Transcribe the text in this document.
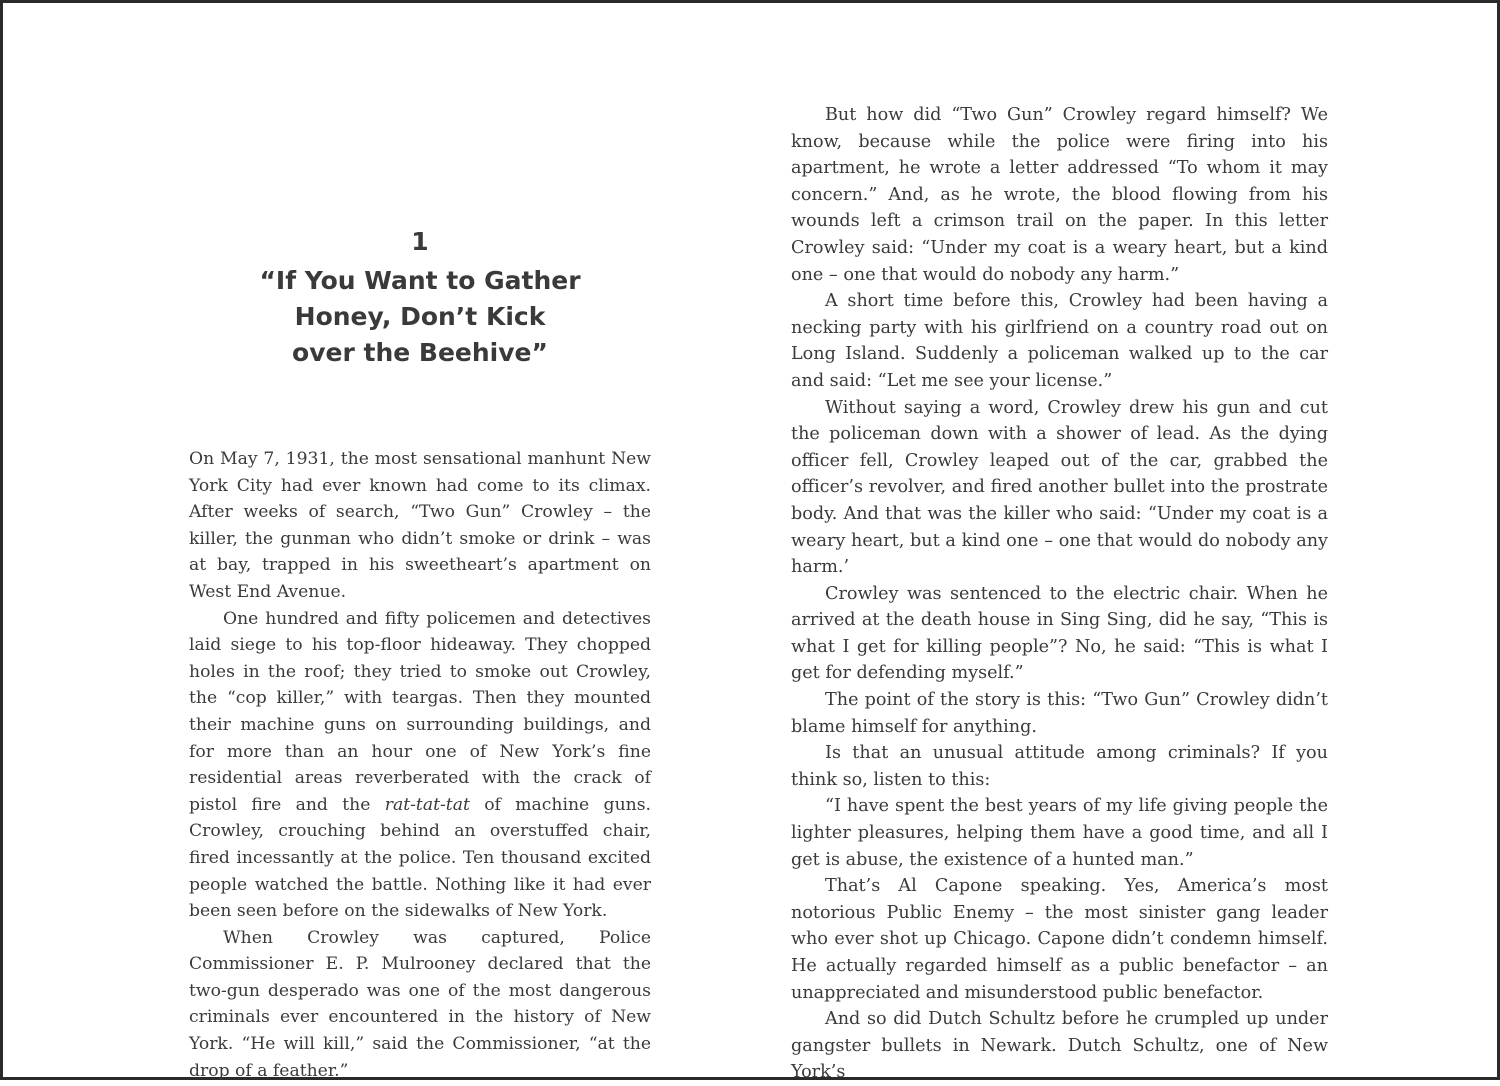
1
“If You Want to Gather
Honey, Don’t Kick
over the Beehive”

On May 7, 1931, the most sensational manhunt New York City had ever known had come to its climax. After weeks of search, “Two Gun” Crowley – the killer, the gunman who didn’t smoke or drink – was at bay, trapped in his sweetheart’s apartment on West End Avenue.

One hundred and fifty policemen and detectives laid siege to his top-floor hideaway. They chopped holes in the roof; they tried to smoke out Crowley, the “cop killer,” with teargas. Then they mounted their machine guns on surrounding buildings, and for more than an hour one of New York’s fine residential areas reverberated with the crack of pistol fire and the rat-tat-tat of machine guns. Crowley, crouching behind an overstuffed chair, fired incessantly at the police. Ten thousand excited people watched the battle. Nothing like it had ever been seen before on the sidewalks of New York.

When Crowley was captured, Police Commissioner E. P. Mulrooney declared that the two-gun desperado was one of the most dangerous criminals ever encountered in the history of New York. “He will kill,” said the Commissioner, “at the drop of a feather.”

But how did “Two Gun” Crowley regard himself? We know, because while the police were firing into his apartment, he wrote a letter addressed “To whom it may concern.” And, as he wrote, the blood flowing from his wounds left a crimson trail on the paper. In this letter Crowley said: “Under my coat is a weary heart, but a kind one – one that would do nobody any harm.”

A short time before this, Crowley had been having a necking party with his girlfriend on a country road out on Long Island. Suddenly a policeman walked up to the car and said: “Let me see your license.”

Without saying a word, Crowley drew his gun and cut the policeman down with a shower of lead. As the dying officer fell, Crowley leaped out of the car, grabbed the officer’s revolver, and fired another bullet into the prostrate body. And that was the killer who said: “Under my coat is a weary heart, but a kind one – one that would do nobody any harm.’

Crowley was sentenced to the electric chair. When he arrived at the death house in Sing Sing, did he say, “This is what I get for killing people”? No, he said: “This is what I get for defending myself.”

The point of the story is this: “Two Gun” Crowley didn’t blame himself for anything.

Is that an unusual attitude among criminals? If you think so, listen to this:

“I have spent the best years of my life giving people the lighter pleasures, helping them have a good time, and all I get is abuse, the existence of a hunted man.”

That’s Al Capone speaking. Yes, America’s most notorious Public Enemy – the most sinister gang leader who ever shot up Chicago. Capone didn’t condemn himself. He actually regarded himself as a public benefactor – an unappreciated and misunderstood public benefactor.

And so did Dutch Schultz before he crumpled up under gangster bullets in Newark. Dutch Schultz, one of New York’s
